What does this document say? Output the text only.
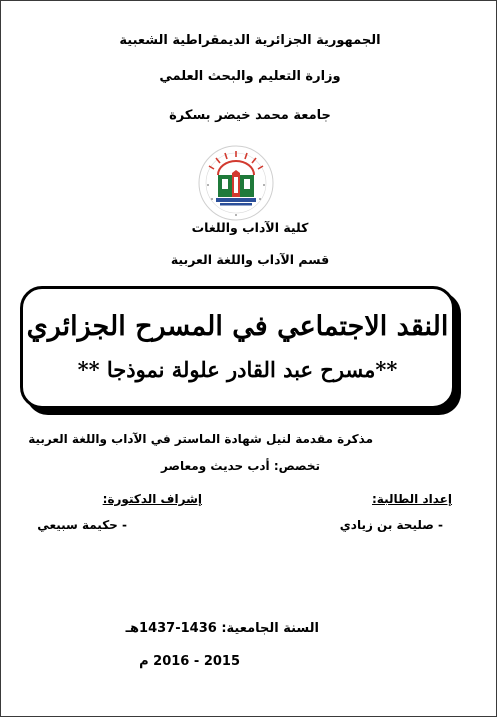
الجمهورية الجزائرية الديمقراطية الشعبية
وزارة التعليم والبحث العلمي
جامعة محمد خيضر بسكرة
كلية الآداب واللغات
قسم الآداب واللغة العربية
النقد الاجتماعي في المسرح الجزائري
**مسرح عبد القادر علولة نموذجا **
مذكرة مقدمة لنيل شهادة الماستر في الآداب واللغة العربية
تخصص: أدب حديث ومعاصر
إعداد الطالبة:
إشراف الدكتورة:
- صليحة بن زيادي
- حكيمة سبيعي
السنة الجامعية: 1436-1437هـ
2015 - 2016 م
